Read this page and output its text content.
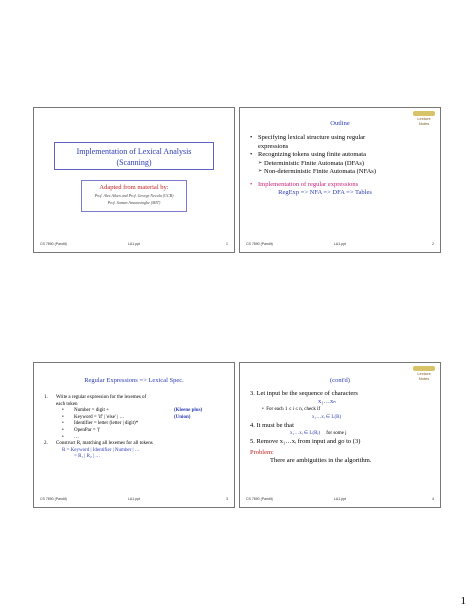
Implementation of Lexical Analysis
(Scanning)
Adapted from material by:
Prof. Alex Aiken and Prof. George Necula (UCB)
Prof. Saman Amarasinghe (MIT)
CS 7890 (Pandit)	LA1.ppt	1
Lecture Notes
Outline
• Specifying lexical structure using regular
expressions
• Recognizing tokens using finite automata
➢ Deterministic Finite Automata (DFAs)
➢ Non-deterministic Finite Automata (NFAs)
• Implementation of regular expressions
RegExp => NFA => DFA => Tables
CS 7890 (Pandit)	LA1.ppt	2
Regular Expressions => Lexical Spec.
1. Write a regular expression for the lexemes of
each token
• Number = digit +	(Kleene plus)
• Keyword = 'if' | 'else' | …	(Union)
• Identifier = letter (letter | digit)*
• OpenPar = '('
• …
2. Construct R, matching all lexemes for all tokens
R = Keyword | Identifier | Number | …
= R₁ | R₂ | …
CS 7890 (Pandit)	LA1.ppt	3
Lecture Notes
(cont'd)
3. Let input be the sequence of characters
x₁…xₙ
•  For each 1 ≤ i ≤ n, check if
x₁…xᵢ ∈ L(R)
4. It must be that
x₁…xᵢ ∈ L(Rⱼ) for some j
5. Remove x₁…xᵢ from input and go to (3)
Problem:
There are ambiguities in the algorithm.
CS 7890 (Pandit)	LA1.ppt	4
1
